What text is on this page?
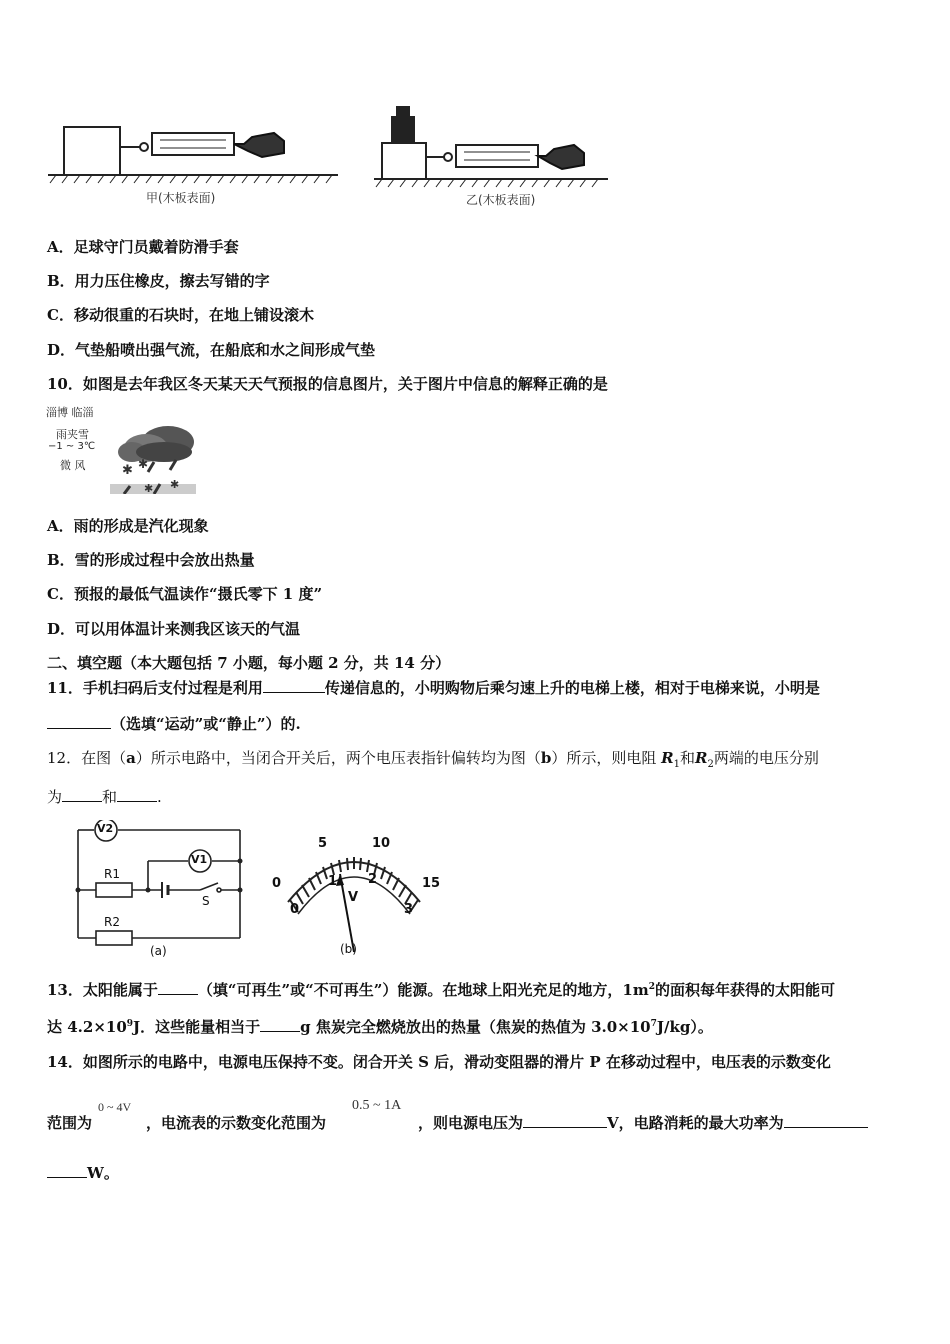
甲(木板表面)	乙(木板表面)
A．足球守门员戴着防滑手套
B．用力压住橡皮，擦去写错的字
C．移动很重的石块时，在地上铺设滚木
D．气垫船喷出强气流，在船底和水之间形成气垫
10．如图是去年我区冬天某天天气预报的信息图片，关于图片中信息的解释正确的是
淄博 临淄
雨夹雪
−1 ~ 3℃
微 风	✱ ✱
✱ ✱
A．雨的形成是汽化现象
B．雪的形成过程中会放出热量
C．预报的最低气温读作“摄氏零下 1 度”
D．可以用体温计来测我区该天的气温
二、填空题（本大题包括 7 小题，每小题 2 分，共 14 分）
11．手机扫码后支付过程是利用	传递信息的，小明购物后乘匀速上升的电梯上楼，相对于电梯来说，小明是
（选填“运动”或“静止”）的.
12．在图（a）所示电路中，当闭合开关后，两个电压表指针偏转均为图（b）所示，则电阻 $R_1$和$R_2$两端的电压分别
为	和	.
V2
V1
R1
R2
S
(a)
0
5	10
15
0
1 2
3
V
(b)
13．太阳能属于	（填“可再生”或“不可再生”）能源。在地球上阳光充足的地方，$1m^2$的面积每年获得的太阳能可
达 $4.2\times 10^9J$．这些能量相当于	g 焦炭完全燃烧放出的热量（焦炭的热值为 $3.0\times 10^7J/kg$）。
14．如图所示的电路中，电源电压保持不变。闭合开关 S 后，滑动变阻器的滑片 P 在移动过程中，电压表的示数变化
范围为
0 ~ 4V
，电流表的示数变化范围为
0.5 ~ 1A
，则电源电压为	V，电路消耗的最大功率为
W。
